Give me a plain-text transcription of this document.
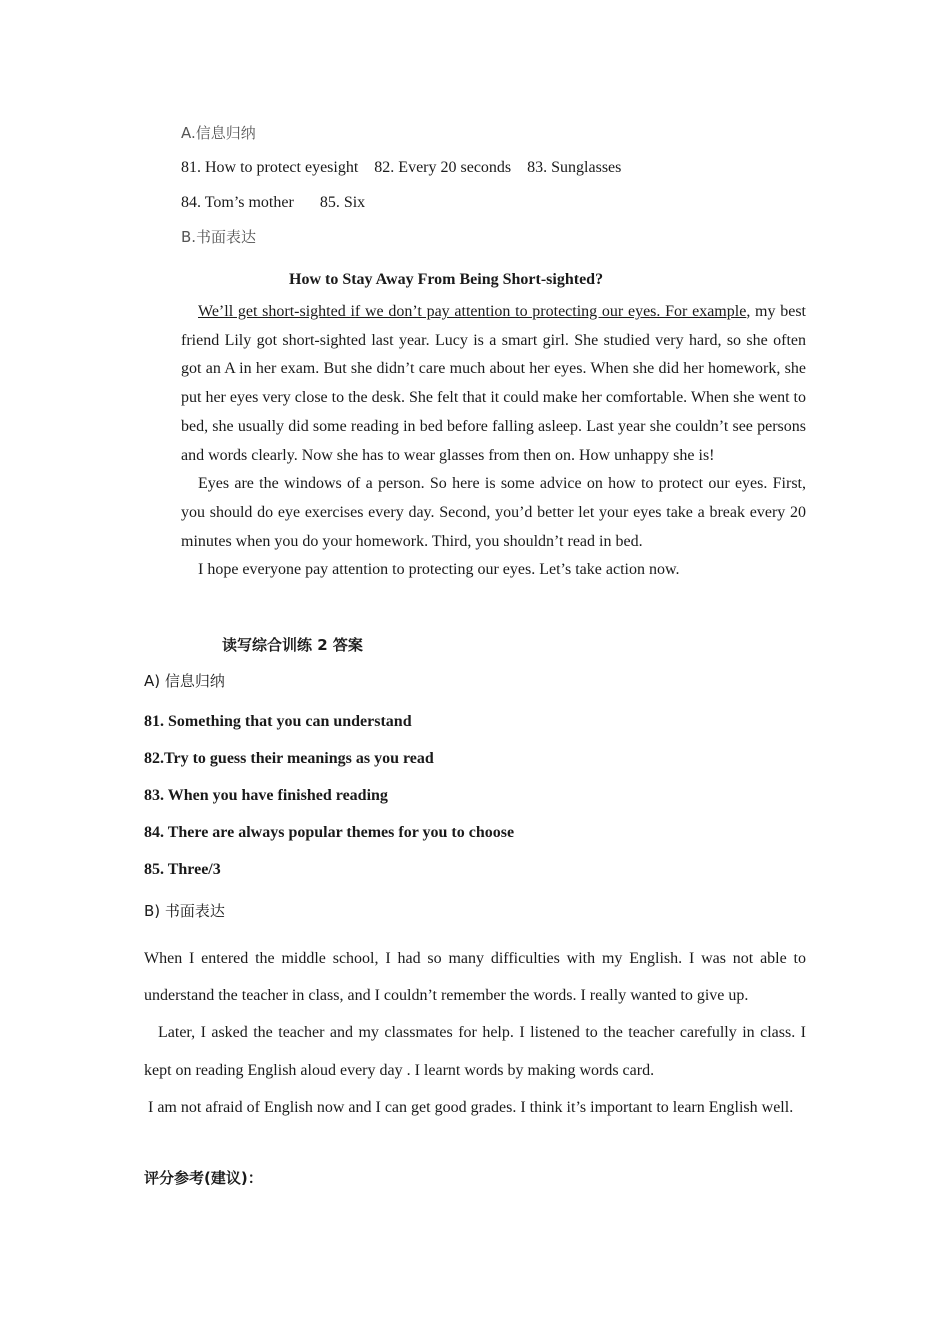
A.信息归纳
81. How to protect eyesight 82. Every 20 seconds 83. Sunglasses
84. Tom’s mother 85. Six
B.书面表达
How to Stay Away From Being Short-sighted?

We’ll get short-sighted if we don’t pay attention to protecting our eyes. For example, my best friend Lily got short-sighted last year. Lucy is a smart girl. She studied very hard, so she often got an A in her exam. But she didn’t care much about her eyes. When she did her homework, she put her eyes very close to the desk. She felt that it could make her comfortable. When she went to bed, she usually did some reading in bed before falling asleep. Last year she couldn’t see persons and words clearly. Now she has to wear glasses from then on. How unhappy she is!

Eyes are the windows of a person. So here is some advice on how to protect our eyes. First, you should do eye exercises every day. Second, you’d better let your eyes take a break every 20 minutes when you do your homework. Third, you shouldn’t read in bed.

I hope everyone pay attention to protecting our eyes. Let’s take action now.

读写综合训练 2 答案
A) 信息归纳
81. Something that you can understand
82.Try to guess their meanings as you read
83. When you have finished reading
84. There are always popular themes for you to choose
85. Three/3
B) 书面表达

When I entered the middle school, I had so many difficulties with my English. I was not able to understand the teacher in class, and I couldn’t remember the words. I really wanted to give up.

Later, I asked the teacher and my classmates for help. I listened to the teacher carefully in class. I kept on reading English aloud every day . I learnt words by making words card.

I am not afraid of English now and I can get good grades. I think it’s important to learn English well.

评分参考(建议)：
